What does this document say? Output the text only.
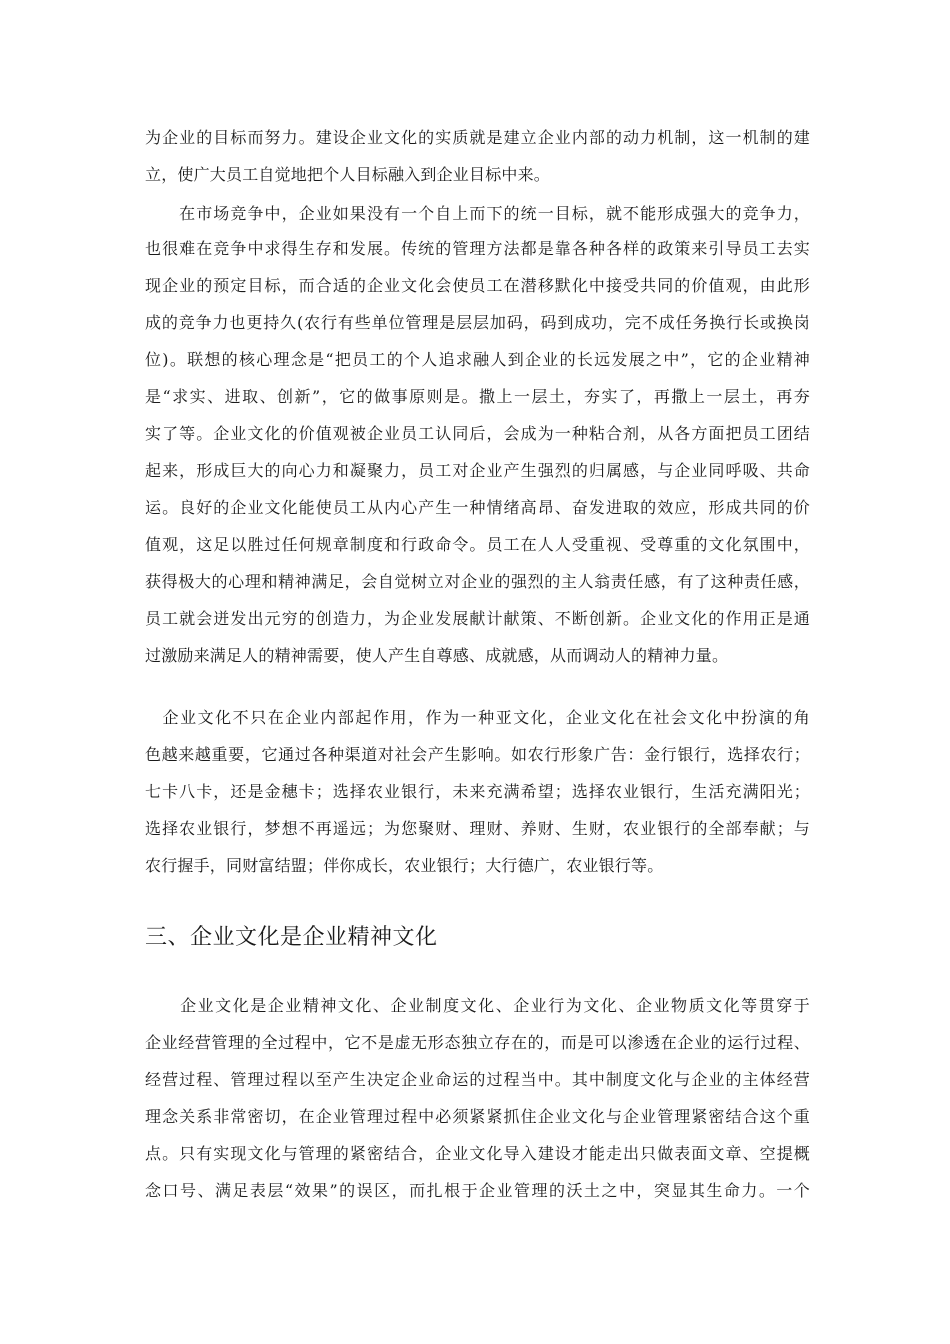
为企业的目标而努力。建设企业文化的实质就是建立企业内部的动力机制，这一机制的建
立，使广大员工自觉地把个人目标融入到企业目标中来。
　　在市场竞争中，企业如果没有一个自上而下的统一目标，就不能形成强大的竞争力，
也很难在竞争中求得生存和发展。传统的管理方法都是靠各种各样的政策来引导员工去实
现企业的预定目标，而合适的企业文化会使员工在潜移默化中接受共同的价值观，由此形
成的竞争力也更持久(农行有些单位管理是层层加码，码到成功，完不成任务换行长或换岗
位)。联想的核心理念是“把员工的个人追求融人到企业的长远发展之中”，它的企业精神
是“求实、进取、创新”，它的做事原则是。撒上一层土，夯实了，再撒上一层土，再夯
实了等。企业文化的价值观被企业员工认同后，会成为一种粘合剂，从各方面把员工团结
起来，形成巨大的向心力和凝聚力，员工对企业产生强烈的归属感，与企业同呼吸、共命
运。良好的企业文化能使员工从内心产生一种情绪高昂、奋发进取的效应，形成共同的价
值观，这足以胜过任何规章制度和行政命令。员工在人人受重视、受尊重的文化氛围中，
获得极大的心理和精神满足，会自觉树立对企业的强烈的主人翁责任感，有了这种责任感，
员工就会迸发出元穷的创造力，为企业发展献计献策、不断创新。企业文化的作用正是通
过激励来满足人的精神需要，使人产生自尊感、成就感，从而调动人的精神力量。
　企业文化不只在企业内部起作用，作为一种亚文化，企业文化在社会文化中扮演的角
色越来越重要，它通过各种渠道对社会产生影响。如农行形象广告：金行银行，选择农行；
七卡八卡，还是金穗卡；选择农业银行，未来充满希望；选择农业银行，生活充满阳光；
选择农业银行，梦想不再遥远；为您聚财、理财、养财、生财，农业银行的全部奉献；与
农行握手，同财富结盟；伴你成长，农业银行；大行德广，农业银行等。
三、企业文化是企业精神文化
　　企业文化是企业精神文化、企业制度文化、企业行为文化、企业物质文化等贯穿于
企业经营管理的全过程中，它不是虚无形态独立存在的，而是可以渗透在企业的运行过程、
经营过程、管理过程以至产生决定企业命运的过程当中。其中制度文化与企业的主体经营
理念关系非常密切，在企业管理过程中必须紧紧抓住企业文化与企业管理紧密结合这个重
点。只有实现文化与管理的紧密结合，企业文化导入建设才能走出只做表面文章、空提概
念口号、满足表层“效果”的误区，而扎根于企业管理的沃土之中，突显其生命力。一个
